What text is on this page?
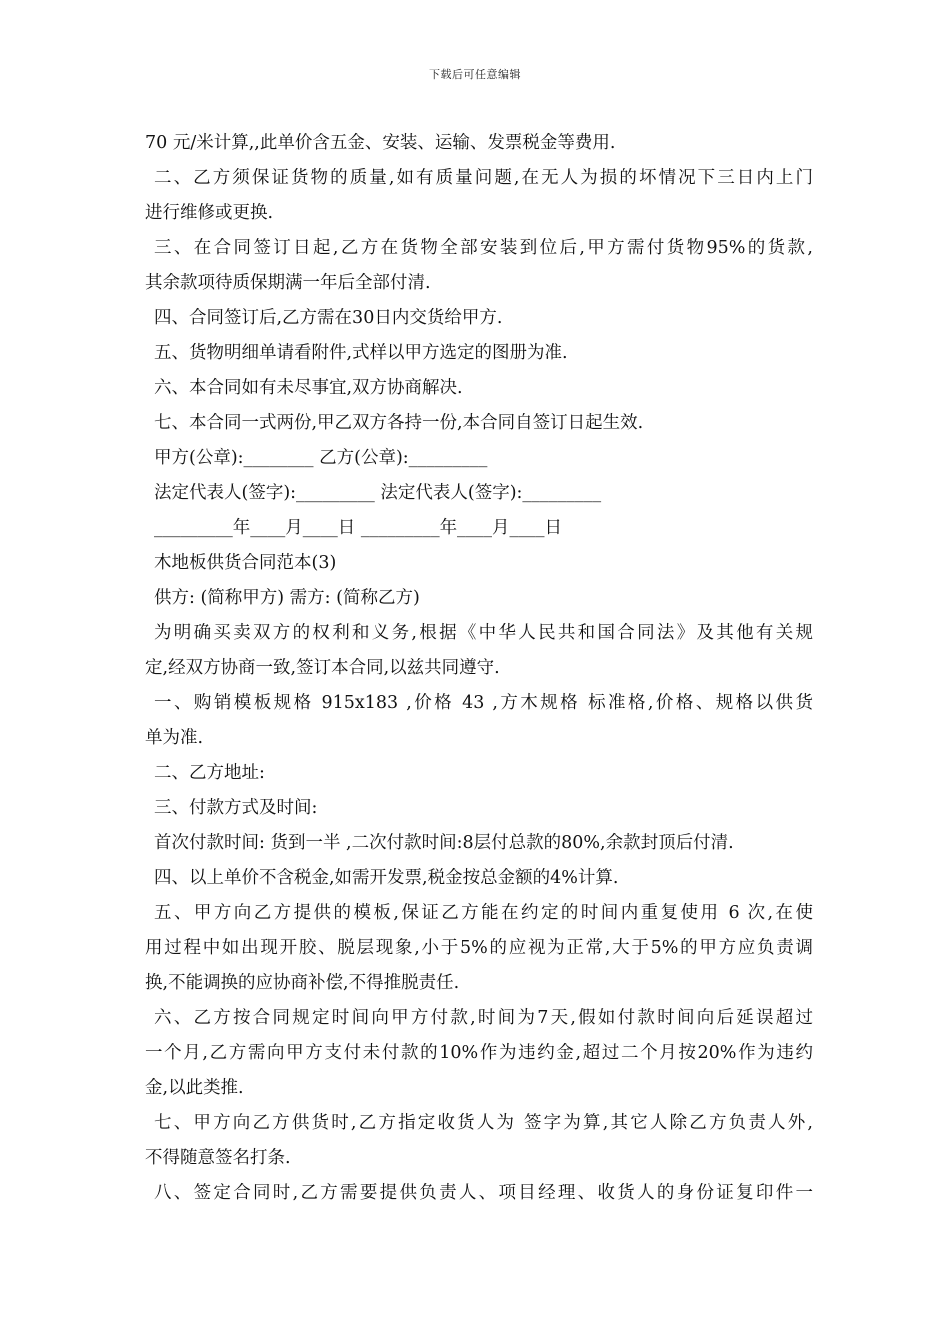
下载后可任意编辑
70 元/米计算,,此单价含五金、安装、运输、发票税金等费用.
二、乙方须保证货物的质量,如有质量问题,在无人为损的坏情况下三日内上门
进行维修或更换.
三、在合同签订日起,乙方在货物全部安装到位后,甲方需付货物95%的货款,
其余款项待质保期满一年后全部付清.
四、合同签订后,乙方需在30日内交货给甲方.
五、货物明细单请看附件,式样以甲方选定的图册为准.
六、本合同如有未尽事宜,双方协商解决.
七、本合同一式两份,甲乙双方各持一份,本合同自签订日起生效.
甲方(公章):________ 乙方(公章):_________
法定代表人(签字):_________ 法定代表人(签字):_________
_________年____月____日 _________年____月____日
木地板供货合同范本(3)
供方: (简称甲方) 需方: (简称乙方)
为明确买卖双方的权利和义务,根据《中华人民共和国合同法》及其他有关规
定,经双方协商一致,签订本合同,以兹共同遵守.
一、购销模板规格 915x183 ,价格 43 ,方木规格 标准格,价格、规格以供货
单为准.
二、乙方地址:
三、付款方式及时间:
首次付款时间: 货到一半 ,二次付款时间:8层付总款的80%,余款封顶后付清.
四、以上单价不含税金,如需开发票,税金按总金额的4%计算.
五、甲方向乙方提供的模板,保证乙方能在约定的时间内重复使用 6 次,在使
用过程中如出现开胶、脱层现象,小于5%的应视为正常,大于5%的甲方应负责调
换,不能调换的应协商补偿,不得推脱责任.
六、乙方按合同规定时间向甲方付款,时间为7天,假如付款时间向后延误超过
一个月,乙方需向甲方支付未付款的10%作为违约金,超过二个月按20%作为违约
金,以此类推.
七、甲方向乙方供货时,乙方指定收货人为 签字为算,其它人除乙方负责人外,
不得随意签名打条.
八、签定合同时,乙方需要提供负责人、项目经理、收货人的身份证复印件一
